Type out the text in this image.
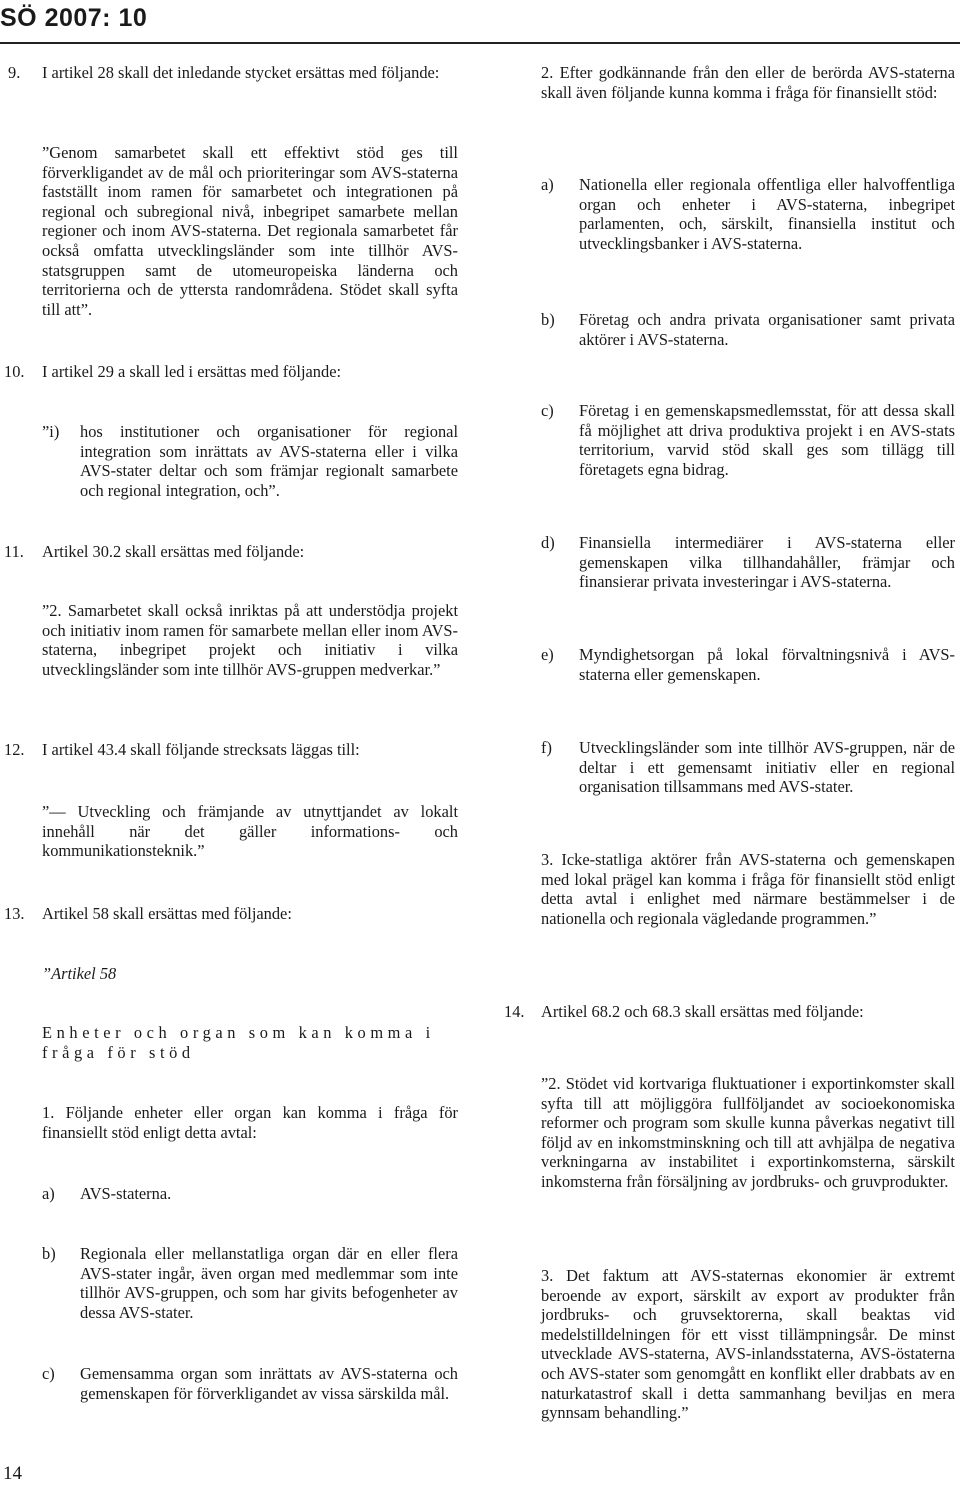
SÖ 2007: 10
9. I artikel 28 skall det inledande stycket ersättas med följande:

”Genom samarbetet skall ett effektivt stöd ges till förverkligandet av de mål och prioriteringar som AVS-staterna fastställt inom ramen för samarbetet och integrationen på regional och subregional nivå, inbegripet samarbete mellan regioner och inom AVS-staterna. Det regionala samarbetet får också omfatta utvecklingsländer som inte tillhör AVS-statsgruppen samt de utomeuropeiska länderna och territorierna och de yttersta randområdena. Stödet skall syfta till att”.

10. I artikel 29 a skall led i ersättas med följande:

”i) hos institutioner och organisationer för regional integration som inrättats av AVS-staterna eller i vilka AVS-stater deltar och som främjar regionalt samarbete och regional integration, och”.
11. Artikel 30.2 skall ersättas med följande:

”2. Samarbetet skall också inriktas på att understödja projekt och initiativ inom ramen för samarbete mellan eller inom AVS-staterna, inbegripet projekt och initiativ i vilka utvecklingsländer som inte tillhör AVS-gruppen medverkar.”

12. I artikel 43.4 skall följande strecksats läggas till:

”— Utveckling och främjande av utnyttjandet av lokalt innehåll när det gäller informations- och kommunikationsteknik.”

13. Artikel 58 skall ersättas med följande:

”Artikel 58

Enheter och organ som kan komma i fråga för stöd

1. Följande enheter eller organ kan komma i fråga för finansiellt stöd enligt detta avtal:

a) AVS-staterna.
b) Regionala eller mellanstatliga organ där en eller flera AVS-stater ingår, även organ med medlemmar som inte tillhör AVS-gruppen, och som har givits befogenheter av dessa AVS-stater.
c) Gemensamma organ som inrättats av AVS-staterna och gemenskapen för förverkligandet av vissa särskilda mål.
14

2. Efter godkännande från den eller de berörda AVS-staterna skall även följande kunna komma i fråga för finansiellt stöd:

a) Nationella eller regionala offentliga eller halvoffentliga organ och enheter i AVS-staterna, inbegripet parlamenten, och, särskilt, finansiella institut och utvecklingsbanker i AVS-staterna.
b) Företag och andra privata organisationer samt privata aktörer i AVS-staterna.
c) Företag i en gemenskapsmedlemsstat, för att dessa skall få möjlighet att driva produktiva projekt i en AVS-stats territorium, varvid stöd skall ges som tillägg till företagets egna bidrag.
d) Finansiella intermediärer i AVS-staterna eller gemenskapen vilka tillhandahåller, främjar och finansierar privata investeringar i AVS-staterna.
e) Myndighetsorgan på lokal förvaltningsnivå i AVS-staterna eller gemenskapen.
f) Utvecklingsländer som inte tillhör AVS-gruppen, när de deltar i ett gemensamt initiativ eller en regional organisation tillsammans med AVS-stater.

3. Icke-statliga aktörer från AVS-staterna och gemenskapen med lokal prägel kan komma i fråga för finansiellt stöd enligt detta avtal i enlighet med närmare bestämmelser i de nationella och regionala vägledande programmen.”

14. Artikel 68.2 och 68.3 skall ersättas med följande:

”2. Stödet vid kortvariga fluktuationer i exportinkomster skall syfta till att möjliggöra fullföljandet av socioekonomiska reformer och program som skulle kunna påverkas negativt till följd av en inkomstminskning och till att avhjälpa de negativa verkningarna av instabilitet i exportinkomsterna, särskilt inkomsterna från försäljning av jordbruks- och gruvprodukter.

3. Det faktum att AVS-staternas ekonomier är extremt beroende av export, särskilt av export av produkter från jordbruks- och gruvsektorerna, skall beaktas vid medelstilldelningen för ett visst tillämpningsår. De minst utvecklade AVS-staterna, AVS-inlandsstaterna, AVS-östaterna och AVS-stater som genomgått en konflikt eller drabbats av en naturkatastrof skall i detta sammanhang beviljas en mera gynnsam behandling.”
